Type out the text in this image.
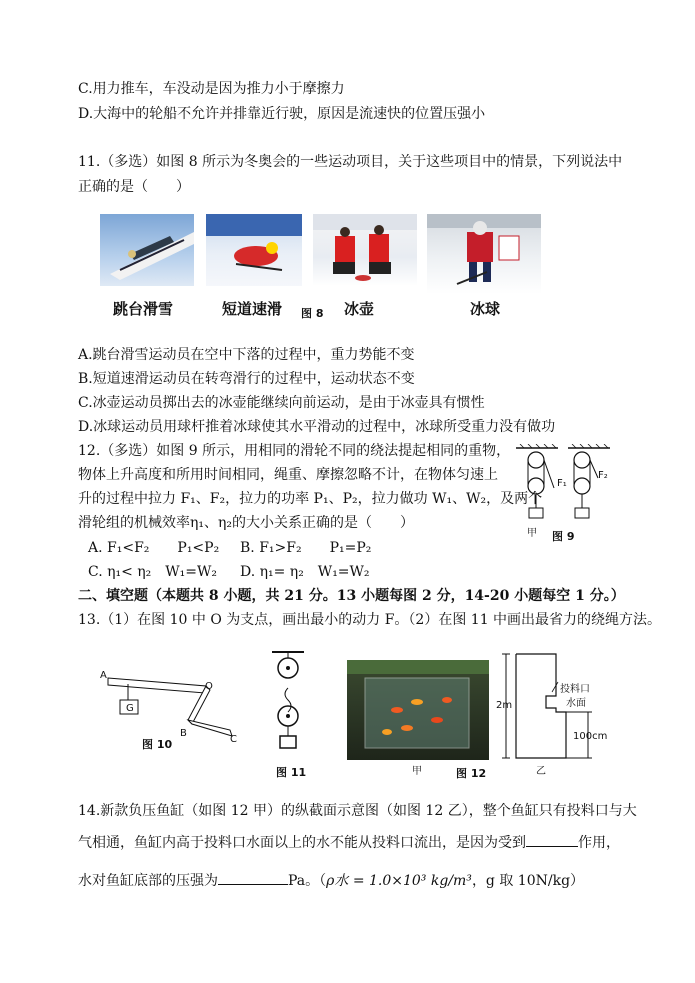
C.用力推车，车没动是因为推力小于摩擦力
D.大海中的轮船不允许并排靠近行驶，原因是流速快的位置压强小
11.（多选）如图 8 所示为冬奥会的一些运动项目，关于这些项目中的情景，下列说法中
正确的是（　　）
跳台滑雪	短道速滑	冰壶	冰球
图 8
A.跳台滑雪运动员在空中下落的过程中，重力势能不变
B.短道速滑运动员在转弯滑行的过程中，运动状态不变
C.冰壶运动员掷出去的冰壶能继续向前运动，是由于冰壶具有惯性
D.冰球运动员用球杆推着冰球使其水平滑动的过程中，冰球所受重力没有做功
12.（多选）如图 9 所示，用相同的滑轮不同的绕法提起相同的重物，
物体上升高度和所用时间相同，绳重、摩擦忽略不计，在物体匀速上
升的过程中拉力 F₁、F₂，拉力的功率 P₁、P₂，拉力做功 W₁、W₂，及两个
滑轮组的机械效率η₁、η₂的大小关系正确的是（　　）
A. F₁<F₂　　P₁<P₂ B. F₁>F₂　　P₁=P₂
C. η₁< η₂　W₁=W₂ D. η₁= η₂　W₁=W₂
F₁
F₂
甲 图 9
二、填空题（本题共 8 小题，共 21 分。13 小题每图 2 分，14-20 小题每空 1 分。）
13.（1）在图 10 中 O 为支点，画出最小的动力 F。（2）在图 11 中画出最省力的绕绳方法。
A
O
B
C
G
图 10
图 11	甲	图 12
2m
投料口
水面
100cm
乙
14.新款负压鱼缸（如图 12 甲）的纵截面示意图（如图 12 乙），整个鱼缸只有投料口与大
气相通，鱼缸内高于投料口水面以上的水不能从投料口流出，是因为受到	作用，
水对鱼缸底部的压强为	Pa。（ρ水 = 1.0×10³ kg/m³，g 取 10N/kg）
